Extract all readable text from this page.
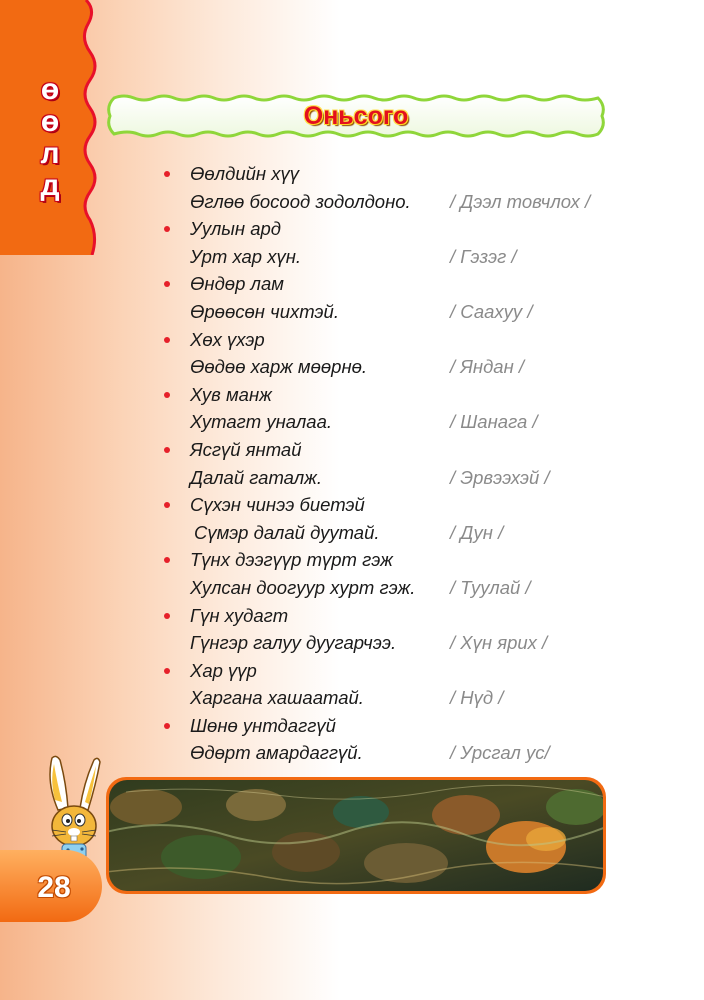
ө
ө
л
д
Оньсого
Өөлдийн хүү
Өглөө босоод зодолдоно. / Дээл товчлох /
Уулын ард
Урт хар хүн.	/ Гэзэг /
Өндөр лам
Өрөөсөн чихтэй.	/ Саахуу /
Хөх үхэр
Өөдөө харж мөөрнө.	/ Яндан /
Хув манж
Хутагт уналаа.	/ Шанага /
Ясгүй янтай
Далай гаталж.	/ Эрвээхэй /
Сүхэн чинээ биетэй
Сүмэр далай дуутай.	/ Дун /
Түнх дээгүүр түрт гэж
Хулсан доогуур хурт гэж. / Туулай /
Гүн худагт
Гүнгэр галуу дуугарчээ.	/ Хүн ярих /
Хар үүр
Харгана хашаатай.	/ Нүд /
Шөнө унтдаггүй
Өдөрт амардаггүй.	/ Урсгал ус/
28
